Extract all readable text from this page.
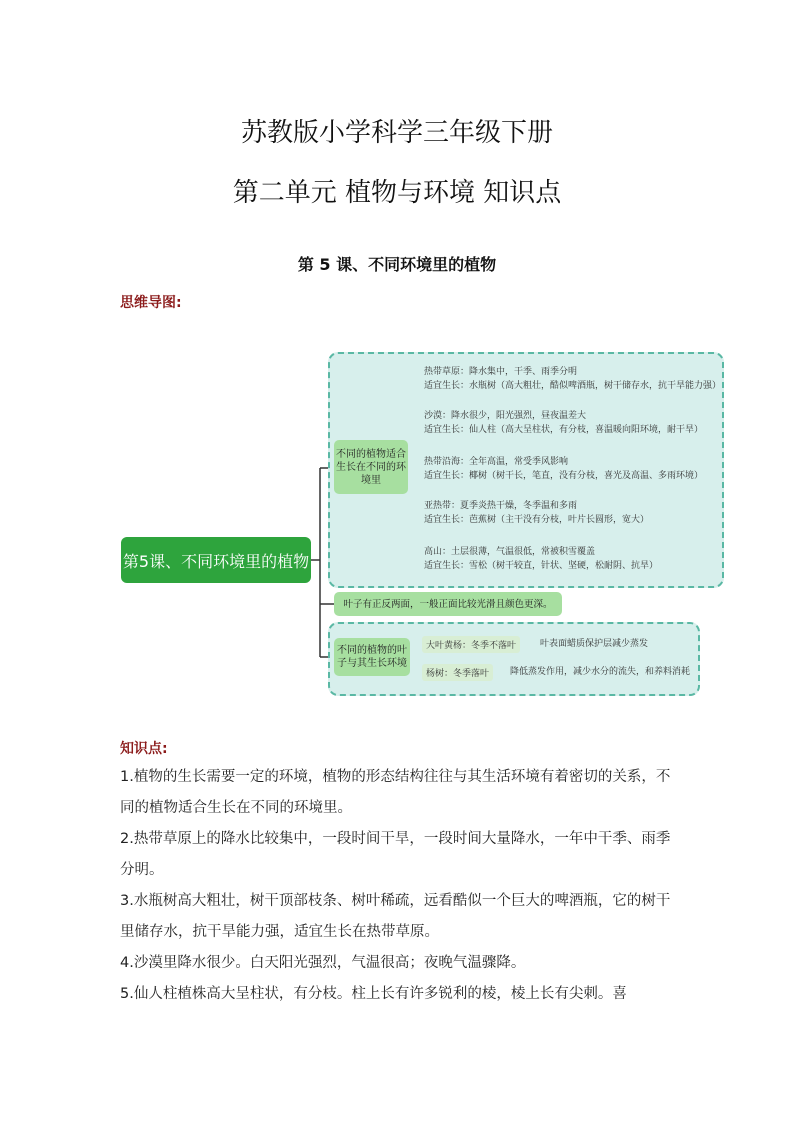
苏教版小学科学三年级下册
第二单元 植物与环境 知识点
第 5 课、不同环境里的植物
思维导图:
第5课、不同环境里的植物
不同的植物适合生长在不同的环境里
叶子有正反两面，一般正面比较光滑且颜色更深。
不同的植物的叶子与其生长环境
热带草原：降水集中，干季、雨季分明
适宜生长：水瓶树（高大粗壮，酷似啤酒瓶，树干储存水，抗干旱能力强）
沙漠：降水很少，阳光强烈，昼夜温差大
适宜生长：仙人柱（高大呈柱状，有分枝，喜温暖向阳环境，耐干旱）
热带沿海：全年高温，常受季风影响
适宜生长：椰树（树干长，笔直，没有分枝，喜光及高温、多雨环境）
亚热带：夏季炎热干燥，冬季温和多雨
适宜生长：芭蕉树（主干没有分枝，叶片长圆形，宽大）
高山：土层很薄，气温很低，常被积雪覆盖
适宜生长：雪松（树干较直，针状、坚硬，松耐阴、抗旱）
大叶黄杨：冬季不落叶	叶表面蜡质保护层减少蒸发
杨树：冬季落叶	降低蒸发作用，减少水分的流失，和养料消耗
知识点:

1.植物的生长需要一定的环境，植物的形态结构往往与其生活环境有着密切的关系，不同的植物适合生长在不同的环境里。

2.热带草原上的降水比较集中，一段时间干旱，一段时间大量降水，一年中干季、雨季分明。

3.水瓶树高大粗壮，树干顶部枝条、树叶稀疏，远看酷似一个巨大的啤酒瓶，它的树干里储存水，抗干旱能力强，适宜生长在热带草原。

4.沙漠里降水很少。白天阳光强烈，气温很高；夜晚气温骤降。

5.仙人柱植株高大呈柱状，有分枝。柱上长有许多锐利的棱，棱上长有尖刺。喜
